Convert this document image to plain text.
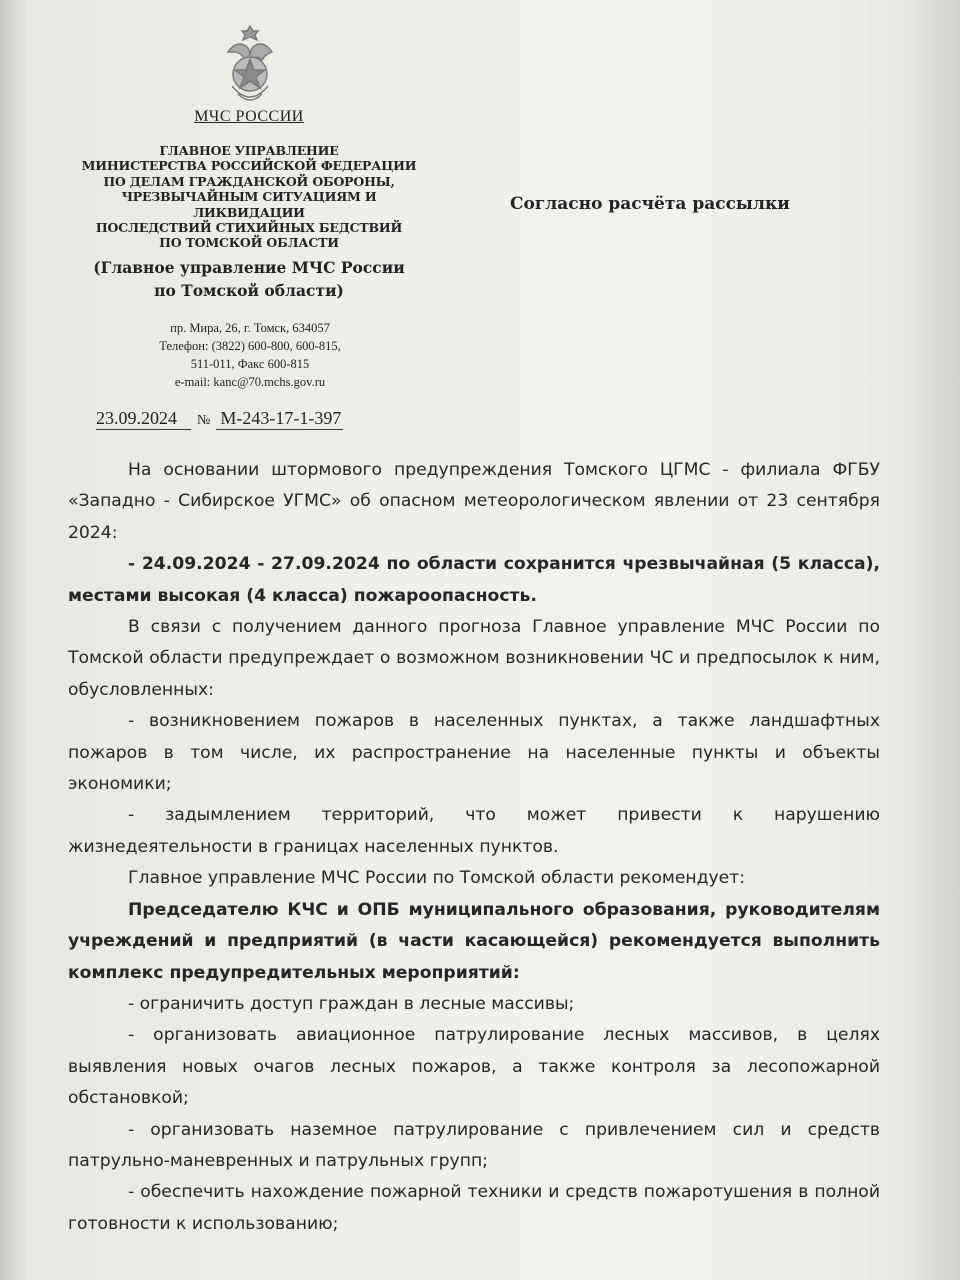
МЧС РОССИИ
ГЛАВНОЕ УПРАВЛЕНИЕ
МИНИСТЕРСТВА РОССИЙСКОЙ ФЕДЕРАЦИИ
ПО ДЕЛАМ ГРАЖДАНСКОЙ ОБОРОНЫ,
ЧРЕЗВЫЧАЙНЫМ СИТУАЦИЯМ И
ЛИКВИДАЦИИ
ПОСЛЕДСТВИЙ СТИХИЙНЫХ БЕДСТВИЙ
ПО ТОМСКОЙ ОБЛАСТИ
(Главное управление МЧС России
по Томской области)
пр. Мира, 26, г. Томск, 634057
Телефон: (3822) 600-800, 600-815,
511-011, Факс 600-815
e-mail: kanc@70.mchs.gov.ru
Согласно расчёта рассылки
23.09.2024 № М-243-17-1-397

На основании штормового предупреждения Томского ЦГМС - филиала ФГБУ «Западно - Сибирское УГМС» об опасном метеорологическом явлении от 23 сентября 2024:

- 24.09.2024 - 27.09.2024 по области сохранится чрезвычайная (5 класса), местами высокая (4 класса) пожароопасность.

В связи с получением данного прогноза Главное управление МЧС России по Томской области предупреждает о возможном возникновении ЧС и предпосылок к ним, обусловленных:

- возникновением пожаров в населенных пунктах, а также ландшафтных пожаров в том числе, их распространение на населенные пункты и объекты экономики;

- задымлением территорий, что может привести к нарушению жизнедеятельности в границах населенных пунктов.

Главное управление МЧС России по Томской области рекомендует:

Председателю КЧС и ОПБ муниципального образования, руководителям учреждений и предприятий (в части касающейся) рекомендуется выполнить комплекс предупредительных мероприятий:

- ограничить доступ граждан в лесные массивы;

- организовать авиационное патрулирование лесных массивов, в целях выявления новых очагов лесных пожаров, а также контроля за лесопожарной обстановкой;

- организовать наземное патрулирование с привлечением сил и средств патрульно-маневренных и патрульных групп;

- обеспечить нахождение пожарной техники и средств пожаротушения в полной готовности к использованию;
